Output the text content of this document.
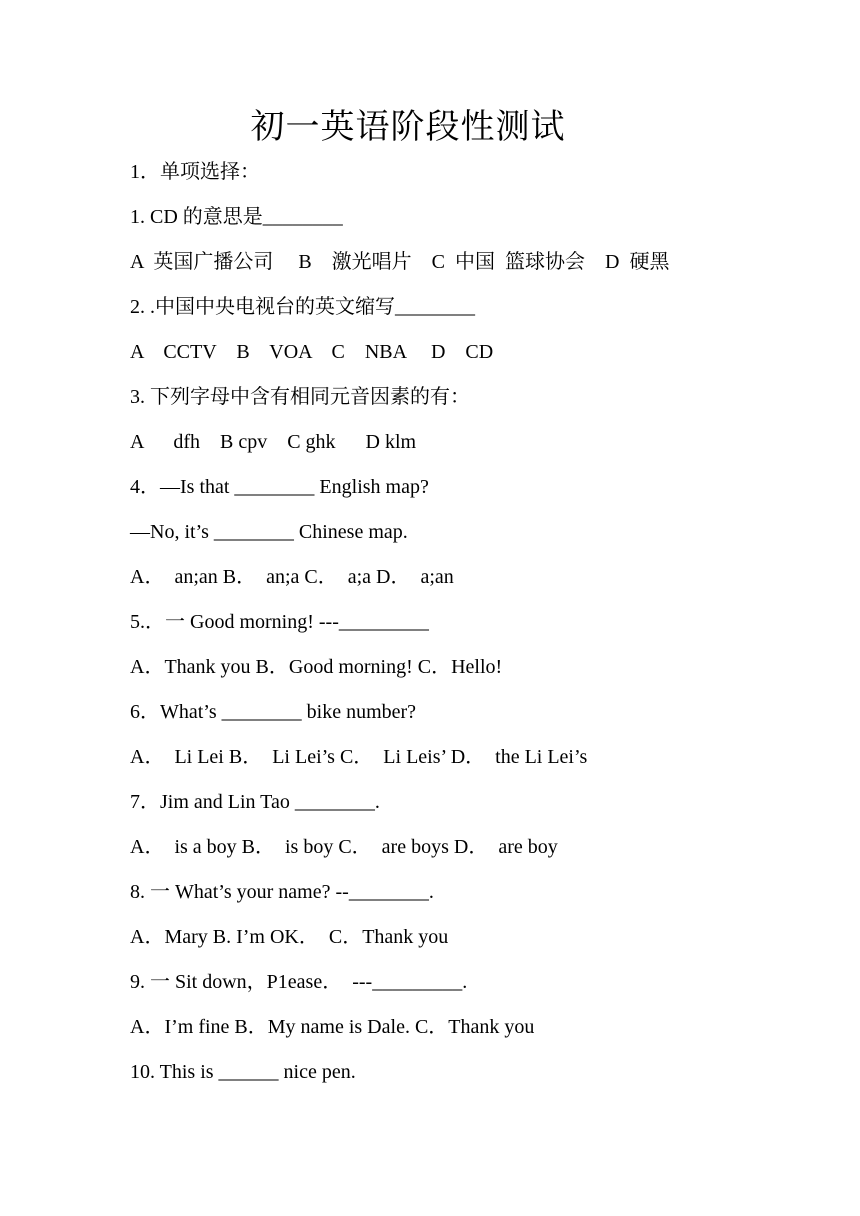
初一英语阶段性测试
1．单项选择：
1. CD 的意思是________
A  英国广播公司     B    激光唱片    C  中国  篮球协会    D  硬黑
2. .中国中央电视台的英文缩写________
A    CCTV    B    VOA    C    NBA     D    CD
3. 下列字母中含有相同元音因素的有：
A      dfh    B cpv    C ghk      D klm
4．—Is that ________ English map?
—No, it’s ________ Chinese map.
A．  an;an B．  an;a C．  a;a D．  a;an
5.．一 Good morning! ---_________
A．Thank you B．Good morning! C．Hello!
6．What’s ________ bike number?
A．  Li Lei B．  Li Lei’s C．  Li Leis’ D．  the Li Lei’s
7．Jim and Lin Tao ________.
A．  is a boy B．  is boy C．  are boys D．  are boy
8. 一 What’s your name? --________.
A．Mary B. I’m OK．  C．Thank you
9. 一 Sit down，P1ease．  ---_________.
A．I’m fine B．My name is Dale. C．Thank you
10. This is ______ nice pen.
